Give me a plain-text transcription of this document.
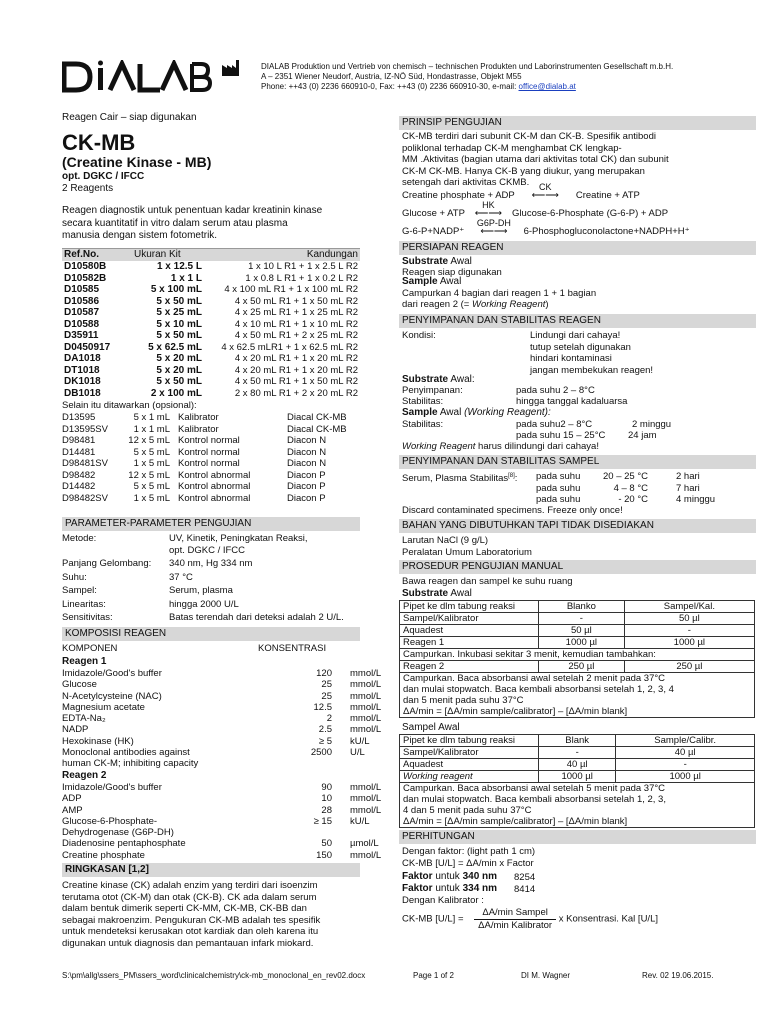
DIALAB Produktion und Vertrieb von chemisch – technischen Produkten und Laborinstrumenten Gesellschaft m.b.H.
A – 2351 Wiener Neudorf, Austria, IZ-NÖ Süd, Hondastrasse, Objekt M55
Phone: ++43 (0) 2236 660910-0, Fax: ++43 (0) 2236 660910-30, e-mail: office@dialab.at
Reagen Cair – siap digunakan
CK-MB
(Creatine Kinase - MB)
opt. DGKC / IFCC
2 Reagents
Reagen diagnostik untuk penentuan kadar kreatinin kinase
secara kuantitatif in vitro dalam serum atau plasma
manusia dengan sistem fotometrik.
Ref.No.	Ukuran Kit	Kandungan
D10580B	1 x 12.5 L	1 x 10 L R1 + 1 x 2.5 L R2
D10582B	1 x 1 L	1 x 0.8 L R1 + 1 x 0.2 L R2
D10585	5 x 100 mL 4 x 100 mL R1 + 1 x 100 mL R2
D10586	5 x 50 mL	4 x 50 mL R1 + 1 x 50 mL R2
D10587	5 x 25 mL	4 x 25 mL R1 + 1 x 25 mL R2
D10588	5 x 10 mL	4 x 10 mL R1 + 1 x 10 mL R2
D35911	5 x 50 mL	4 x 50 mL R1 + 2 x 25 mL R2
D0450917	5 x 62.5 mL 4 x 62.5 mLR1 + 1 x 62.5 mL R2
DA1018	5 x 20 mL	4 x 20 mL R1 + 1 x 20 mL R2
DT1018	5 x 20 mL	4 x 20 mL R1 + 1 x 20 mL R2
DK1018	5 x 50 mL	4 x 50 mL R1 + 1 x 50 mL R2
DB1018	2 x 100 mL	2 x 80 mL R1 + 2 x 20 mL R2
Selain itu ditawarkan (opsional):
D13595	5 x 1 mL Kalibrator	Diacal CK-MB
D13595SV	1 x 1 mL Kalibrator	Diacal CK-MB
D98481	12 x 5 mL Kontrol normal	Diacon N
D14481	5 x 5 mL Kontrol normal	Diacon N
D98481SV	1 x 5 mL Kontrol normal	Diacon N
D98482	12 x 5 mL Kontrol abnormal	Diacon P
D14482	5 x 5 mL Kontrol abnormal	Diacon P
D98482SV	1 x 5 mL Kontrol abnormal	Diacon P
PARAMETER-PARAMETER PENGUJIAN
Metode:	UV, Kinetik, Peningkatan Reaksi,
opt. DGKC / IFCC
Panjang Gelombang: 340 nm, Hg 334 nm
Suhu:	37 °C
Sampel:	Serum, plasma
Linearitas:	hingga 2000 U/L
Sensitivitas:	Batas terendah dari deteksi adalah 2 U/L.
KOMPOSISI REAGEN
KOMPONEN	KONSENTRASI
Reagen 1
Imidazole/Good's buffer	120 mmol/L
Glucose	25 mmol/L
N-Acetylcysteine (NAC)	25 mmol/L
Magnesium acetate	12.5 mmol/L
EDTA-Na₂	2 mmol/L
NADP	2.5 mmol/L
Hexokinase (HK)	≥ 5 kU/L
Monoclonal antibodies against	2500 U/L
human CK-M; inhibiting capacity
Reagen 2
Imidazole/Good's buffer	90 mmol/L
ADP	10 mmol/L
AMP	28 mmol/L
Glucose-6-Phosphate-	≥ 15 kU/L
Dehydrogenase (G6P-DH)
Diadenosine pentaphosphate	50 µmol/L
Creatine phosphate	150 mmol/L
RINGKASAN [1,2]
Creatine kinase (CK) adalah enzim yang terdiri dari isoenzim
terutama otot (CK-M) dan otak (CK-B). CK ada dalam serum
dalam bentuk dimerik seperti CK-MM, CK-MB, CK-BB dan
sebagai makroenzim. Pengukuran CK-MB adalah tes spesifik
untuk mendeteksi kerusakan otot kardiak dan oleh karena itu
digunakan untuk diagnosis dan pemantauan infark miokard.
PRINSIP PENGUJIAN
CK-MB terdiri dari subunit CK-M dan CK-B. Spesifik antibodi
poliklonal terhadap CK-M menghambat CK lengkap-
MM .Aktivitas (bagian utama dari aktivitas total CK) dan subunit
CK-M CK-MB. Hanya CK-B yang diukur, yang merupakan
setengah dari aktivitas CKMB.
Creatine phosphate + ADP
CK
⟵⟶ Creatine + ATP
Glucose + ATP
HK
⟵⟶ Glucose-6-Phosphate (G-6-P) + ADP
G-6-P+NADP⁺
G6P-DH
⟵⟶ 6-Phosphogluconolactone+NADPH+H⁺
PERSIAPAN REAGEN
Substrate Awal
Reagen siap digunakan
Sample Awal
Campurkan 4 bagian dari reagen 1 + 1 bagian
dari reagen 2 (= Working Reagent)
PENYIMPANAN DAN STABILITAS REAGEN
Kondisi:	Lindungi dari cahaya!
tutup setelah digunakan
hindari kontaminasi
jangan membekukan reagen!
Substrate Awal:
Penyimpanan:	pada suhu 2 – 8°C
Stabilitas:	hingga tanggal kadaluarsa
Sample Awal (Working Reagent):
Stabilitas:	pada suhu2 – 8°C	2 minggu
pada suhu 15 – 25°C 24 jam
Working Reagent harus dilindungi dari cahaya!
PENYIMPANAN DAN STABILITAS SAMPEL
Serum, Plasma Stabilitas[8]: pada suhu	20 – 25 °C	2 hari
pada suhu	4 – 8 °C	7 hari
pada suhu	- 20 °C	4 minggu
Discard contaminated specimens. Freeze only once!
BAHAN YANG DIBUTUHKAN TAPI TIDAK DISEDIAKAN
Larutan NaCl (9 g/L)
Peralatan Umum Laboratorium
PROSEDUR PENGUJIAN MANUAL
Bawa reagen dan sampel ke suhu ruang
Substrate Awal
Pipet ke dlm tabung reaksi	Blanko	Sampel/Kal.
Sampel/Kalibrator	-	50 µl
Aquadest	50 µl	-
Reagen 1	1000 µl	1000 µl
Campurkan. Inkubasi sekitar 3 menit, kemudian tambahkan:		
Reagen 2	250 µl	250 µl

Campurkan. Baca absorbansi awal setelah 2 menit pada 37°C
dan mulai stopwatch. Baca kembali absorbansi setelah 1, 2, 3, 4
dan 5 menit pada suhu 37°C
ΔA/min = [ΔA/min sample/calibrator] – [ΔA/min blank]		
Sampel Awal
Pipet ke dlm tabung reaksi	Blank	Sample/Calibr.
Sampel/Kalibrator	-	40 µl
Aquadest	40 µl	-
Working reagent	1000 µl	1000 µl

Campurkan. Baca absorbansi awal setelah 5 menit pada 37°C
dan mulai stopwatch. Baca kembali absorbansi setelah 1, 2, 3,
4 dan 5 menit pada suhu 37°C
ΔA/min = [ΔA/min sample/calibrator] – [ΔA/min blank]		
PERHITUNGAN
Dengan faktor: (light path 1 cm)
CK-MB [U/L] = ΔA/min x Factor
Faktor untuk 340 nm 8254
Faktor untuk 334 nm 8414
Dengan Kalibrator :
CK-MB $[U/L] = \frac{\text{ΔA/min Sampel}}{\text{ΔA/min Kalibrator}}$ x Konsentrasi. Kal [U/L]
S:\pm\allg\ssers_PM\ssers_word\clinicalchemistry\ck-mb_monoclonal_en_rev02.docx	Page 1 of 2	DI M. Wagner	Rev. 02 19.06.2015.
